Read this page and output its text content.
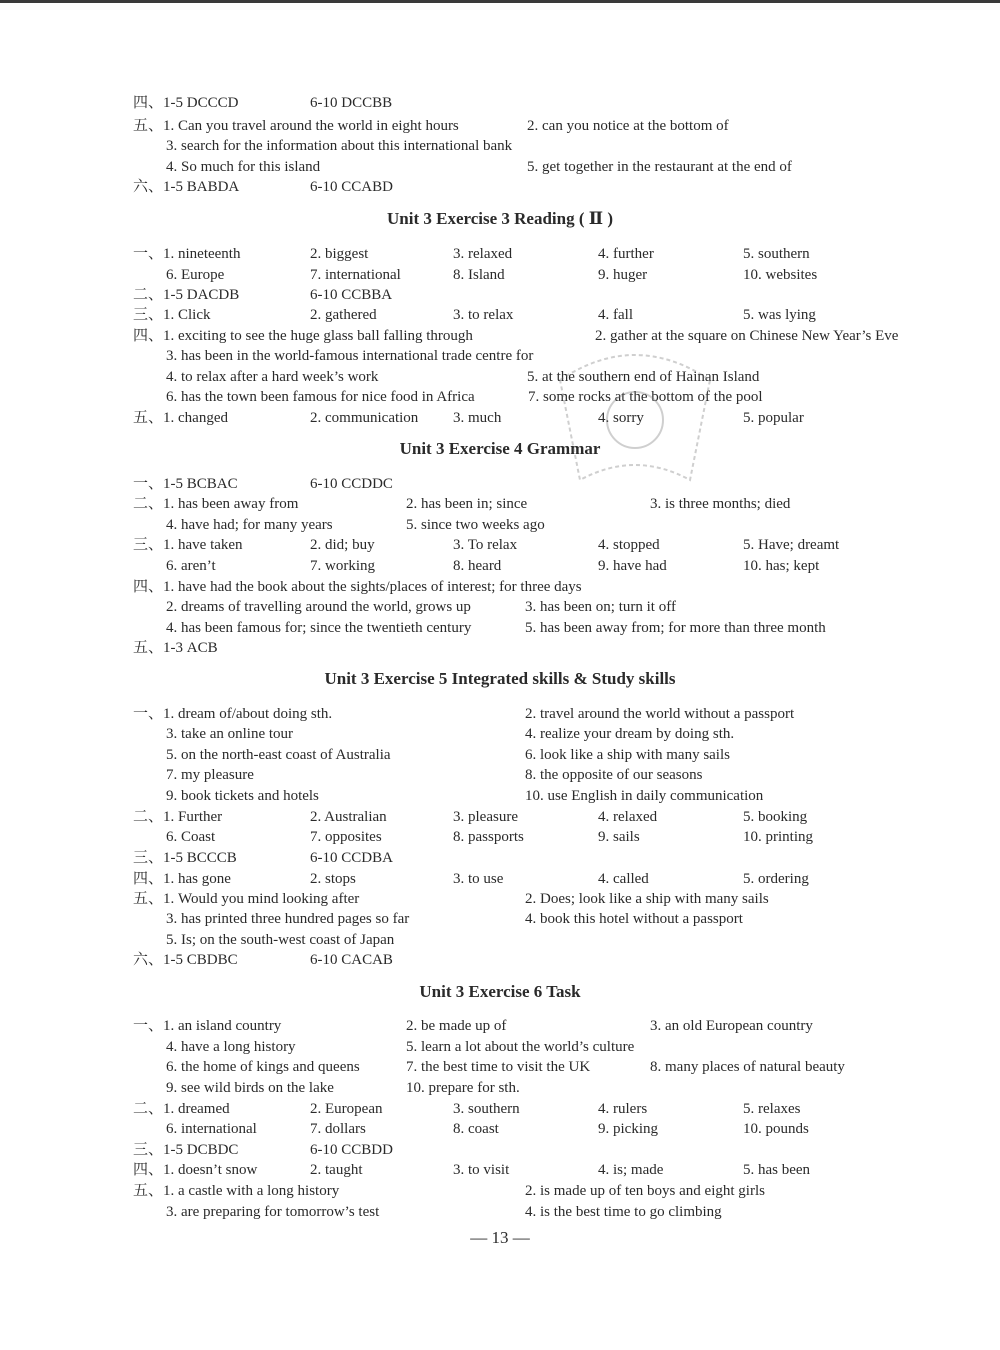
四、1-5 DCCCD	6-10 DCCBB
五、1. Can you travel around the world in eight hours	2. can you notice at the bottom of
3. search for the information about this international bank
4. So much for this island	5. get together in the restaurant at the end of
六、1-5 BABDA	6-10 CCABD
Unit 3 Exercise 3 Reading ( Ⅱ )
一、1. nineteenth	2. biggest	3. relaxed	4. further	5. southern
6. Europe	7. international	8. Island	9. huger	10. websites
二、1-5 DACDB	6-10 CCBBA
三、1. Click	2. gathered	3. to relax	4. fall	5. was lying
四、1. exciting to see the huge glass ball falling through	2. gather at the square on Chinese New Year’s Eve
3. has been in the world-famous international trade centre for
4. to relax after a hard week’s work	5. at the southern end of Hainan Island
6. has the town been famous for nice food in Africa	7. some rocks at the bottom of the pool
五、1. changed	2. communication 3. much	4. sorry	5. popular
Unit 3 Exercise 4 Grammar
一、1-5 BCBAC	6-10 CCDDC
二、1. has been away from	2. has been in; since	3. is three months; died
4. have had; for many years	5. since two weeks ago
三、1. have taken	2. did; buy	3. To relax	4. stopped	5. Have; dreamt
6. aren’t	7. working	8. heard	9. have had	10. has; kept
四、1. have had the book about the sights/places of interest; for three days
2. dreams of travelling around the world, grows up	3. has been on; turn it off
4. has been famous for; since the twentieth century	5. has been away from; for more than three month
五、1-3 ACB
Unit 3 Exercise 5 Integrated skills & Study skills
一、1. dream of/about doing sth.	2. travel around the world without a passport
3. take an online tour	4. realize your dream by doing sth.
5. on the north-east coast of Australia	6. look like a ship with many sails
7. my pleasure	8. the opposite of our seasons
9. book tickets and hotels	10. use English in daily communication
二、1. Further	2. Australian	3. pleasure	4. relaxed	5. booking
6. Coast	7. opposites	8. passports	9. sails	10. printing
三、1-5 BCCCB	6-10 CCDBA
四、1. has gone	2. stops	3. to use	4. called	5. ordering
五、1. Would you mind looking after	2. Does; look like a ship with many sails
3. has printed three hundred pages so far	4. book this hotel without a passport
5. Is; on the south-west coast of Japan
六、1-5 CBDBC	6-10 CACAB
Unit 3 Exercise 6 Task
一、1. an island country	2. be made up of	3. an old European country
4. have a long history	5. learn a lot about the world’s culture
6. the home of kings and queens	7. the best time to visit the UK	8. many places of natural beauty
9. see wild birds on the lake	10. prepare for sth.
二、1. dreamed	2. European	3. southern	4. rulers	5. relaxes
6. international	7. dollars	8. coast	9. picking	10. pounds
三、1-5 DCBDC	6-10 CCBDD
四、1. doesn’t snow	2. taught	3. to visit	4. is; made	5. has been
五、1. a castle with a long history	2. is made up of ten boys and eight girls
3. are preparing for tomorrow’s test	4. is the best time to go climbing
— 13 —
